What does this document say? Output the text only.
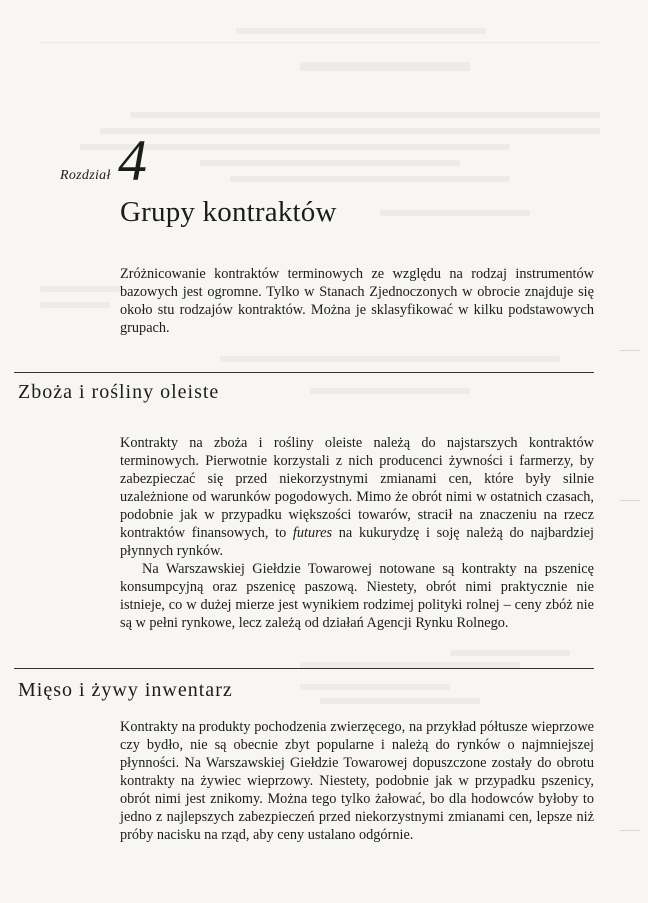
Rozdział 4
Grupy kontraktów

Zróżnicowanie kontraktów terminowych ze względu na rodzaj instrumentów bazowych jest ogromne. Tylko w Stanach Zjednoczonych w obrocie znajduje się około stu rodzajów kontraktów. Można je sklasyfikować w kilku podstawowych grupach.

Zboża i rośliny oleiste

Kontrakty na zboża i rośliny oleiste należą do najstarszych kontraktów terminowych. Pierwotnie korzystali z nich producenci żywności i farmerzy, by zabezpieczać się przed niekorzystnymi zmianami cen, które były silnie uzależnione od warunków pogodowych. Mimo że obrót nimi w ostatnich czasach, podobnie jak w przypadku większości towarów, stracił na znaczeniu na rzecz kontraktów finansowych, to futures na kukurydzę i soję należą do najbardziej płynnych rynków.

Na Warszawskiej Giełdzie Towarowej notowane są kontrakty na pszenicę konsumpcyjną oraz pszenicę paszową. Niestety, obrót nimi praktycznie nie istnieje, co w dużej mierze jest wynikiem rodzimej polityki rolnej – ceny zbóż nie są w pełni rynkowe, lecz zależą od działań Agencji Rynku Rolnego.

Mięso i żywy inwentarz

Kontrakty na produkty pochodzenia zwierzęcego, na przykład półtusze wieprzowe czy bydło, nie są obecnie zbyt popularne i należą do rynków o najmniejszej płynności. Na Warszawskiej Giełdzie Towarowej dopuszczone zostały do obrotu kontrakty na żywiec wieprzowy. Niestety, podobnie jak w przypadku pszenicy, obrót nimi jest znikomy. Można tego tylko żałować, bo dla hodowców byłoby to jedno z najlepszych zabezpieczeń przed niekorzystnymi zmianami cen, lepsze niż próby nacisku na rząd, aby ceny ustalano odgórnie.
